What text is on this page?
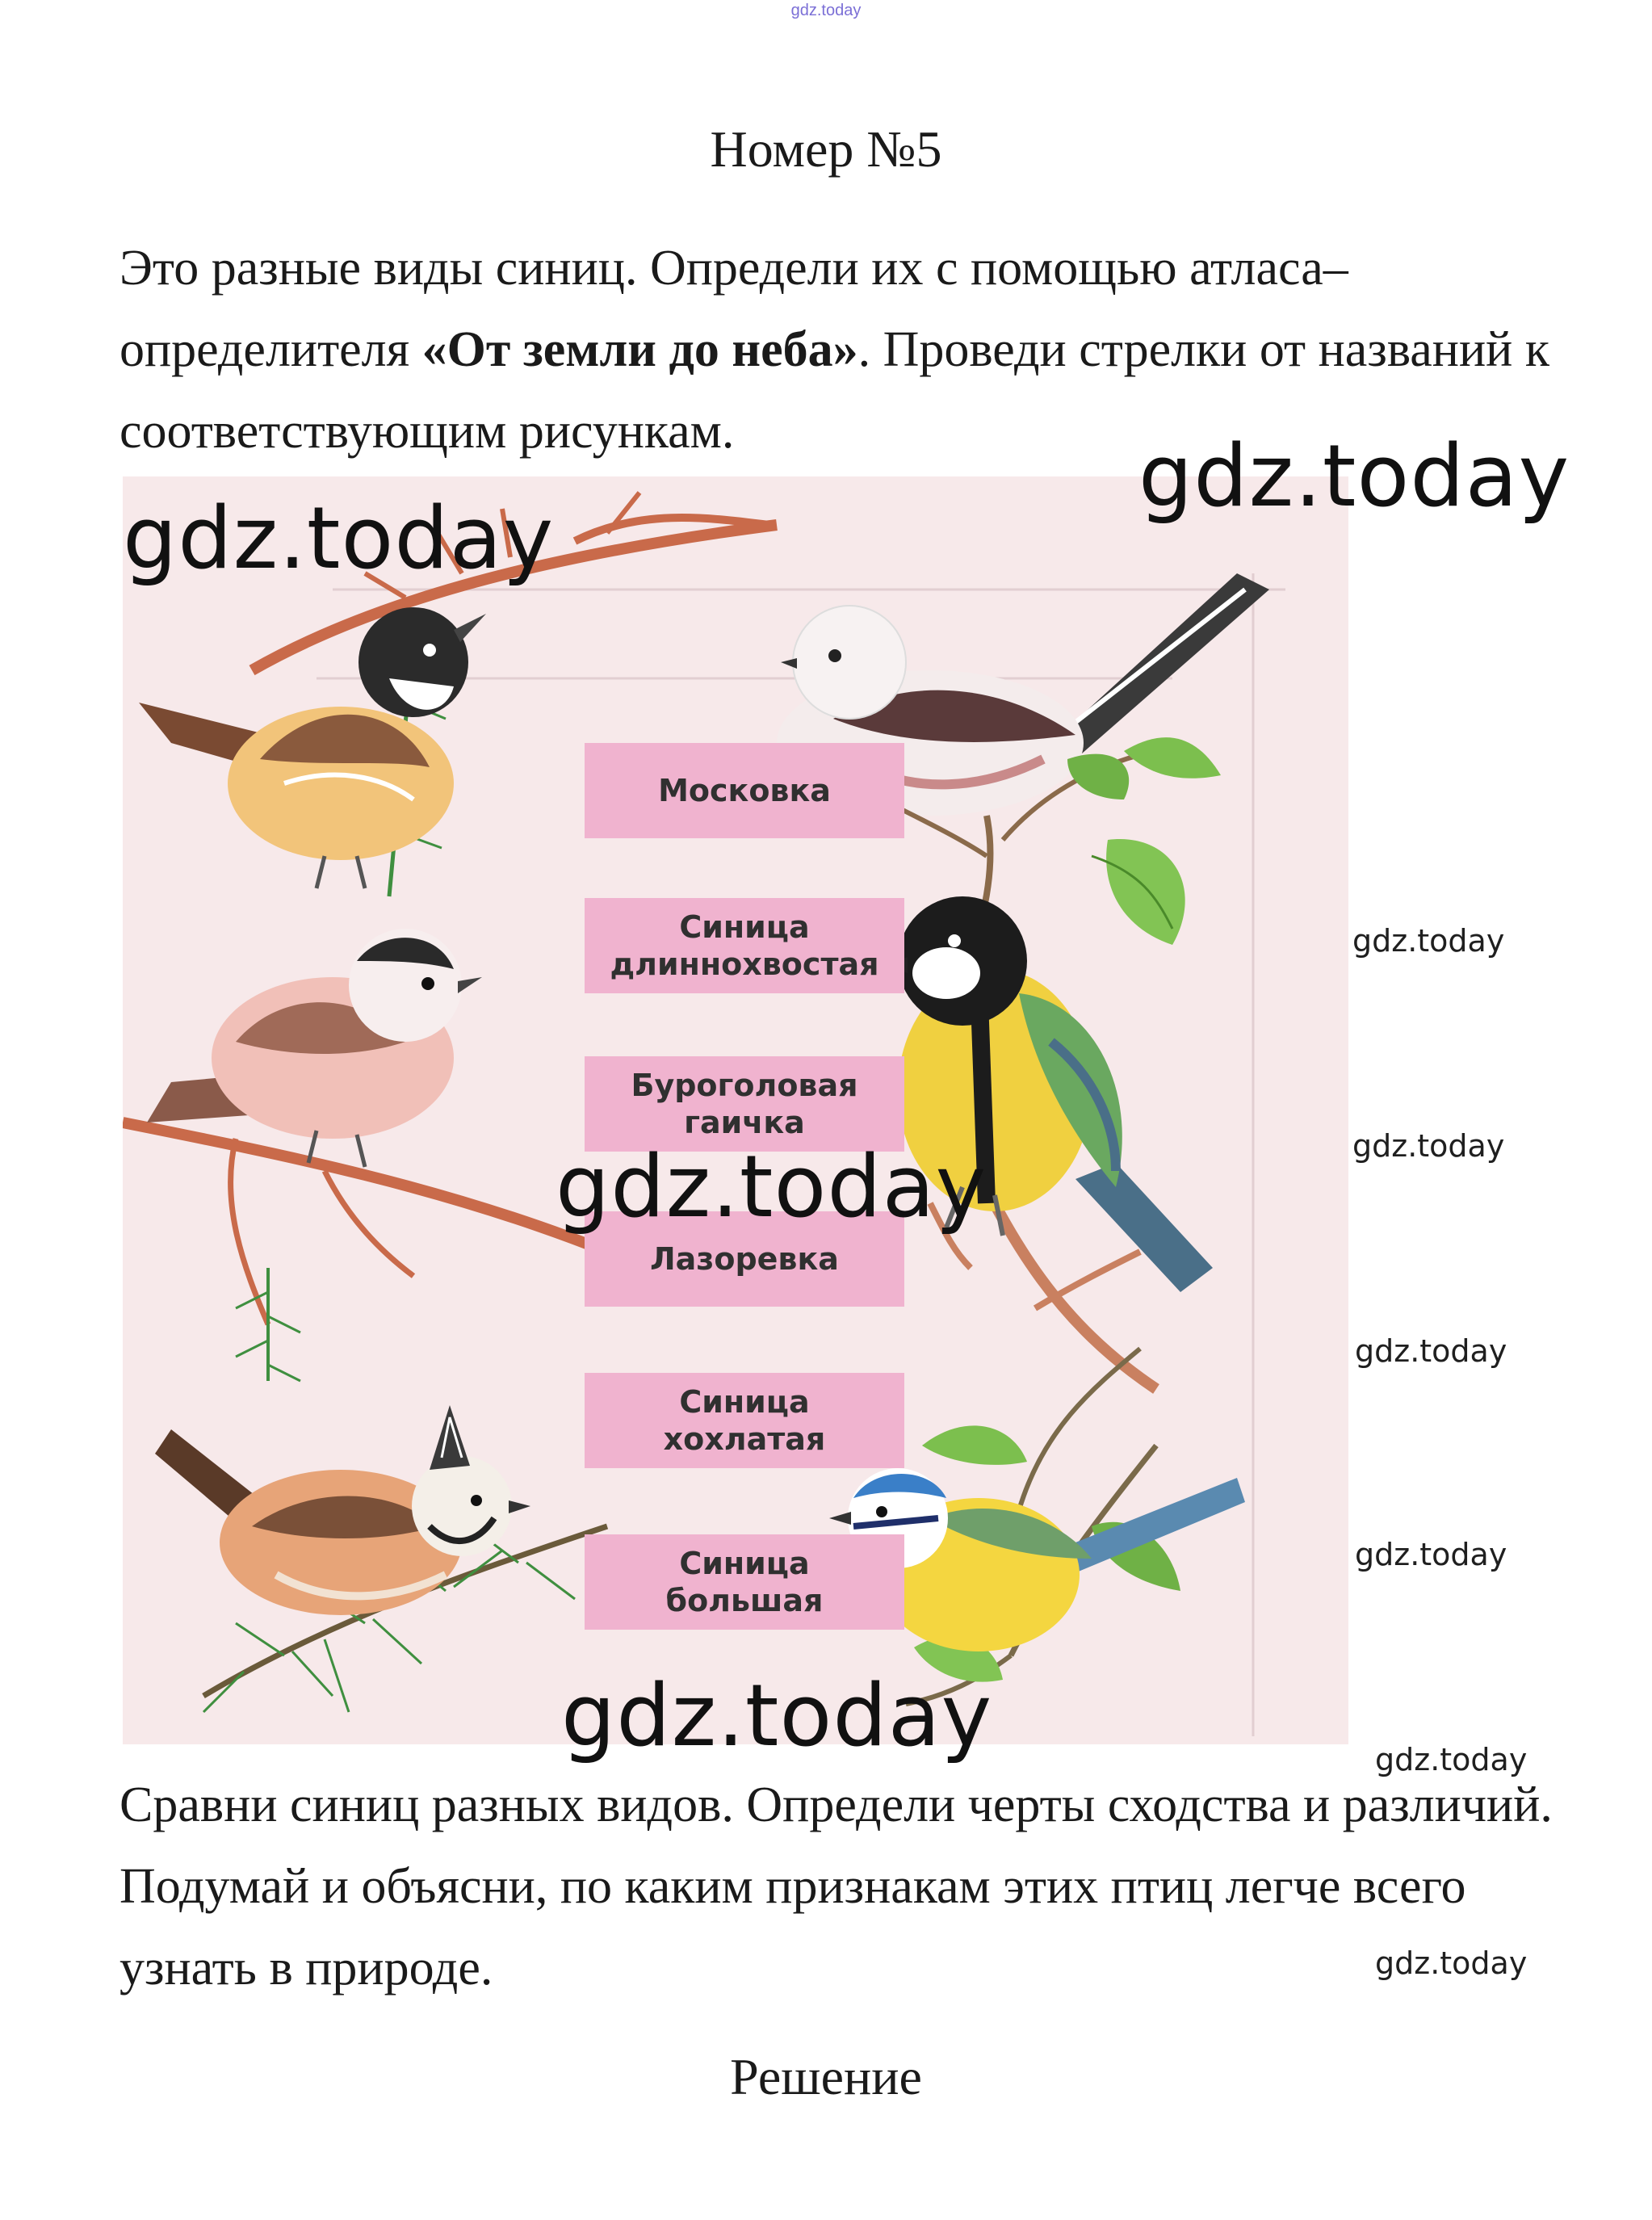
gdz.today
Номер №5
Это разные виды синиц. Определи их с помощью атласа–определителя «От земли до неба». Проведи стрелки от названий к соответствующим рисункам.
Московка
Синица
длиннохвостая
Буроголовая
гаичка
Лазоревка
Синица
хохлатая
Синица
большая
gdz.today
gdz.today
gdz.today
gdz.today
gdz.today
gdz.today
gdz.today
gdz.today
gdz.today
gdz.today
Сравни синиц разных видов. Определи черты сходства и различий. Подумай и объясни, по каким признакам этих птиц легче всего узнать в природе.
Решение
